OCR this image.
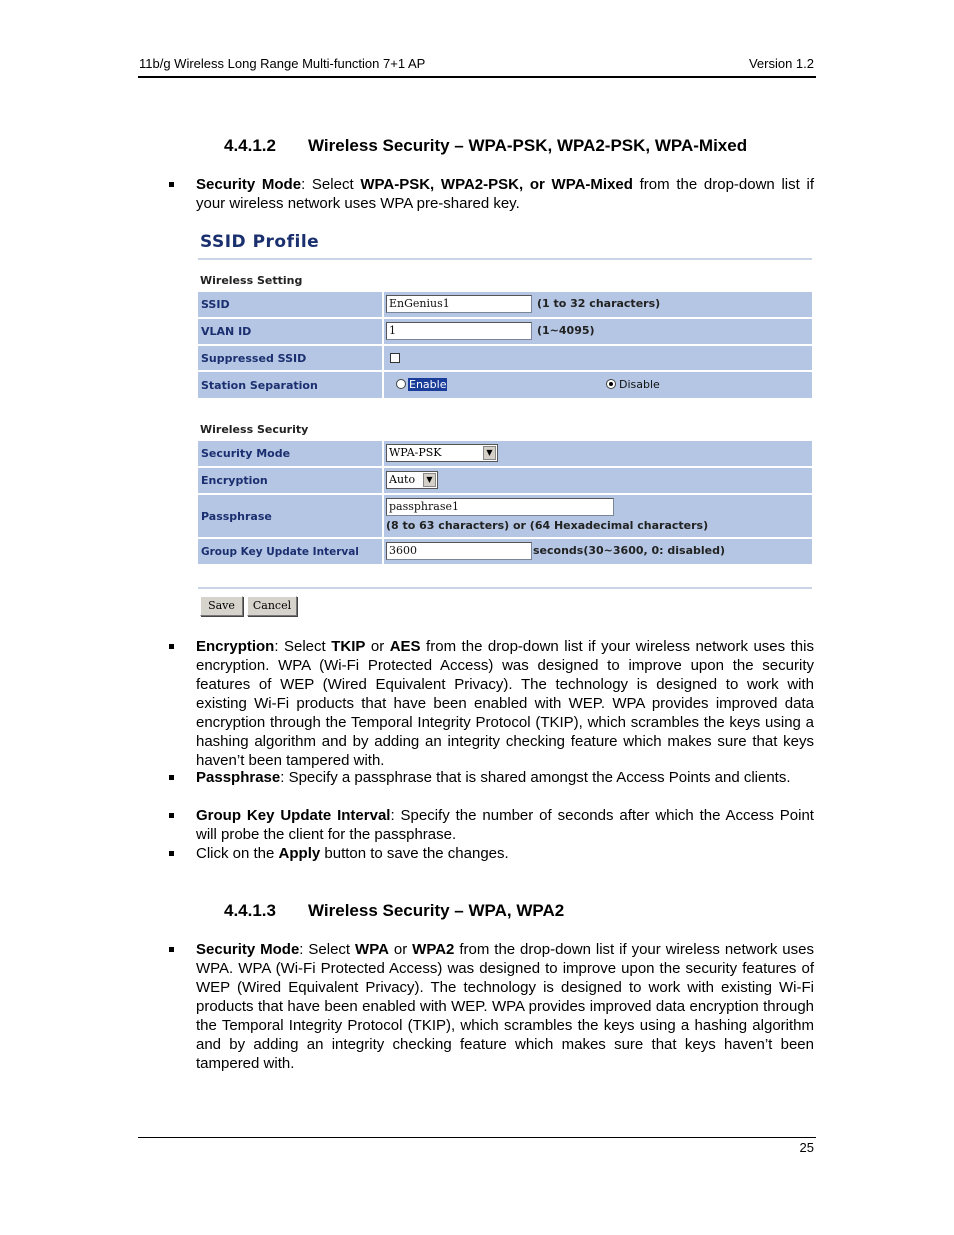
11b/g Wireless Long Range Multi-function 7+1 AP	Version 1.2
4.4.1.2 Wireless Security – WPA-PSK, WPA2-PSK, WPA-Mixed
Security Mode: Select WPA-PSK, WPA2-PSK, or WPA-Mixed from the drop-down list if your wireless network uses WPA pre-shared key.
SSID Profile
Wireless Setting
SSID	EnGenius1	(1 to 32 characters)
VLAN ID	1	(1~4095)
Suppressed SSID
Station Separation	Enable	Disable
Wireless Security
Security Mode	WPA-PSK	▼
Encryption	Auto	▼
Passphrase
passphrase1
(8 to 63 characters) or (64 Hexadecimal characters)
Group Key Update Interval	3600	seconds(30~3600, 0: disabled)
Save	Cancel
Encryption: Select TKIP or AES from the drop-down list if your wireless network uses this encryption. WPA (Wi-Fi Protected Access) was designed to improve upon the security features of WEP (Wired Equivalent Privacy). The technology is designed to work with existing Wi-Fi products that have been enabled with WEP. WPA provides improved data encryption through the Temporal Integrity Protocol (TKIP), which scrambles the keys using a hashing algorithm and by adding an integrity checking feature which makes sure that keys haven’t been tampered with.
Passphrase: Specify a passphrase that is shared amongst the Access Points and clients.
Group Key Update Interval: Specify the number of seconds after which the Access Point will probe the client for the passphrase.
Click on the Apply button to save the changes.
4.4.1.3 Wireless Security – WPA, WPA2
Security Mode: Select WPA or WPA2 from the drop-down list if your wireless network uses WPA. WPA (Wi-Fi Protected Access) was designed to improve upon the security features of WEP (Wired Equivalent Privacy). The technology is designed to work with existing Wi-Fi products that have been enabled with WEP. WPA provides improved data encryption through the Temporal Integrity Protocol (TKIP), which scrambles the keys using a hashing algorithm and by adding an integrity checking feature which makes sure that keys haven’t been tampered with.
25
